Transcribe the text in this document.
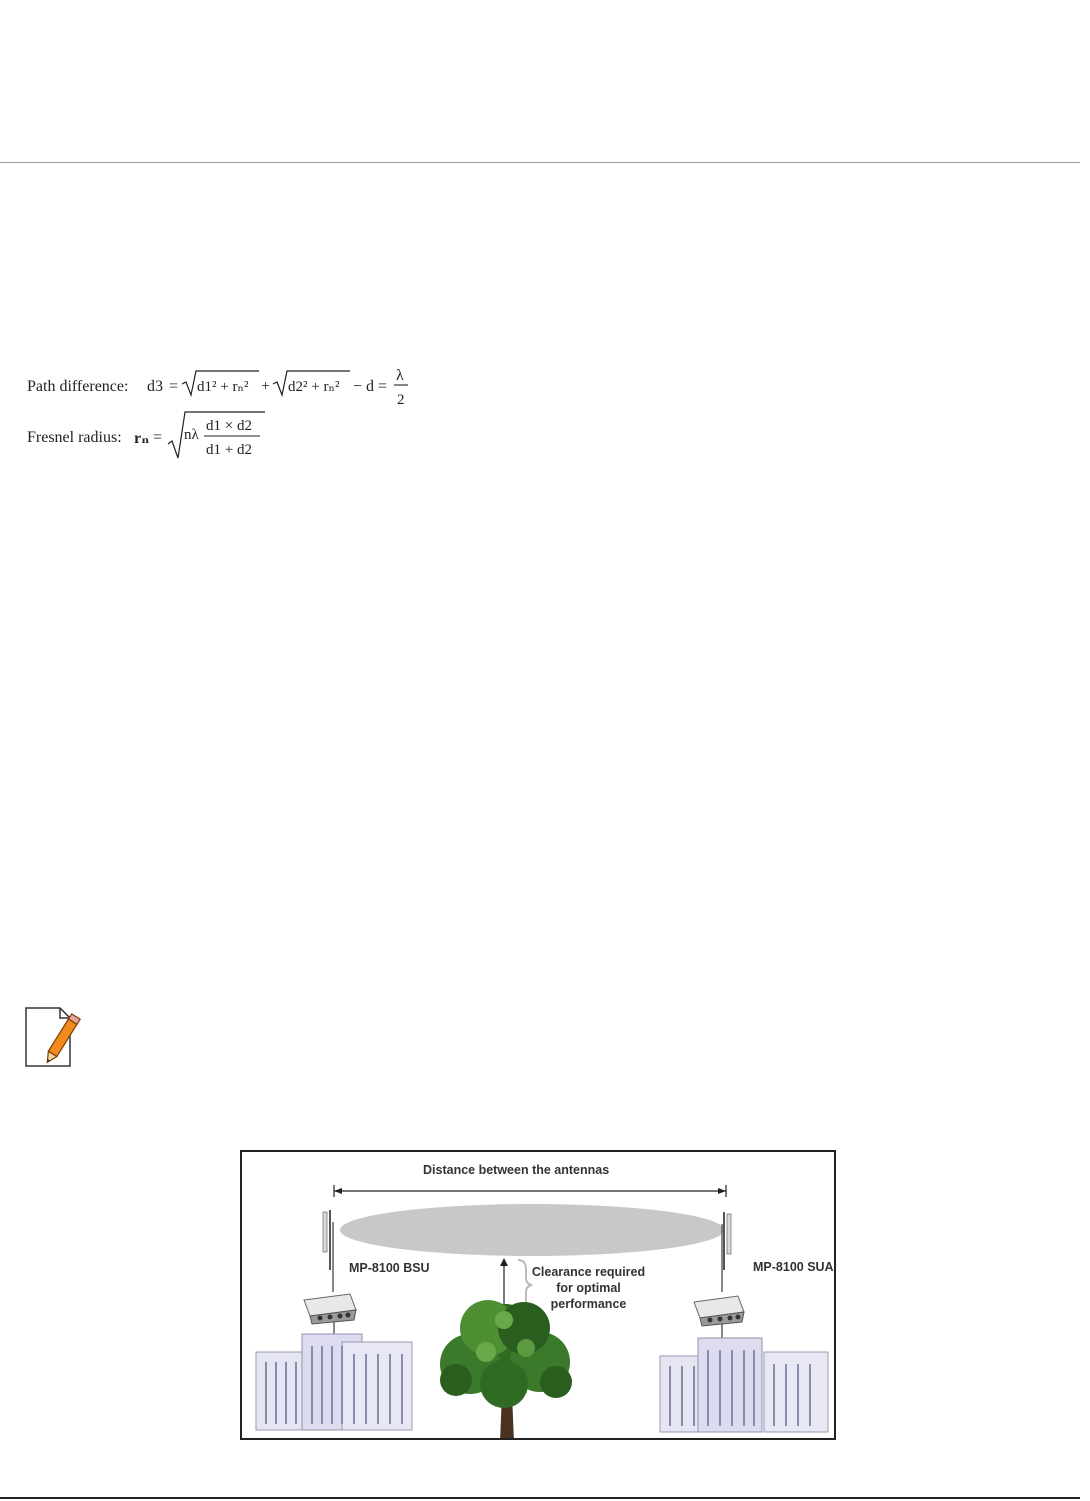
Path difference: d3 = d1² + rₙ² + d2² + rₙ² − d =
λ
2
Fresnel radius: rₙ = nλ
d1 × d2
d1 + d2
Distance between the antennas
MP-8100 BSU	MP-8100 SUA
Clearance required
for optimal
performance
